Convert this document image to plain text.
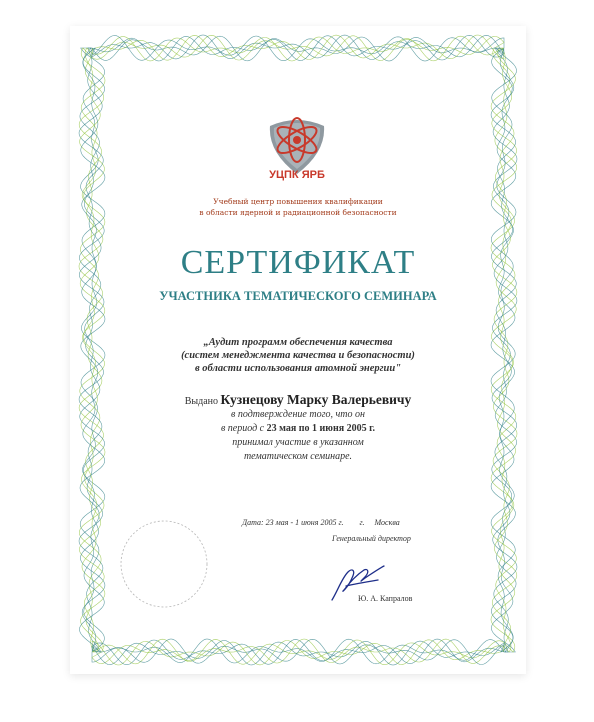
УЦПК ЯРБ
Учебный центр повышения квалификации
в области ядерной и радиационной безопасности
СЕРТИФИКАТ
УЧАСТНИКА ТЕМАТИЧЕСКОГО СЕМИНАРА
„Аудит программ обеспечения качества
(систем менеджмента качества и безопасности)
в области использования атомной энергии"
Выдано Кузнецову Марку Валерьевичу
в подтверждение того, что он
в период с 23 мая по 1 июня 2005 г.
принимал участие в указанном
тематическом семинаре.
Дата: 23 мая - 1 июня 2005 г. г. Москва
Генеральный директор
Ю. А. Капралов
